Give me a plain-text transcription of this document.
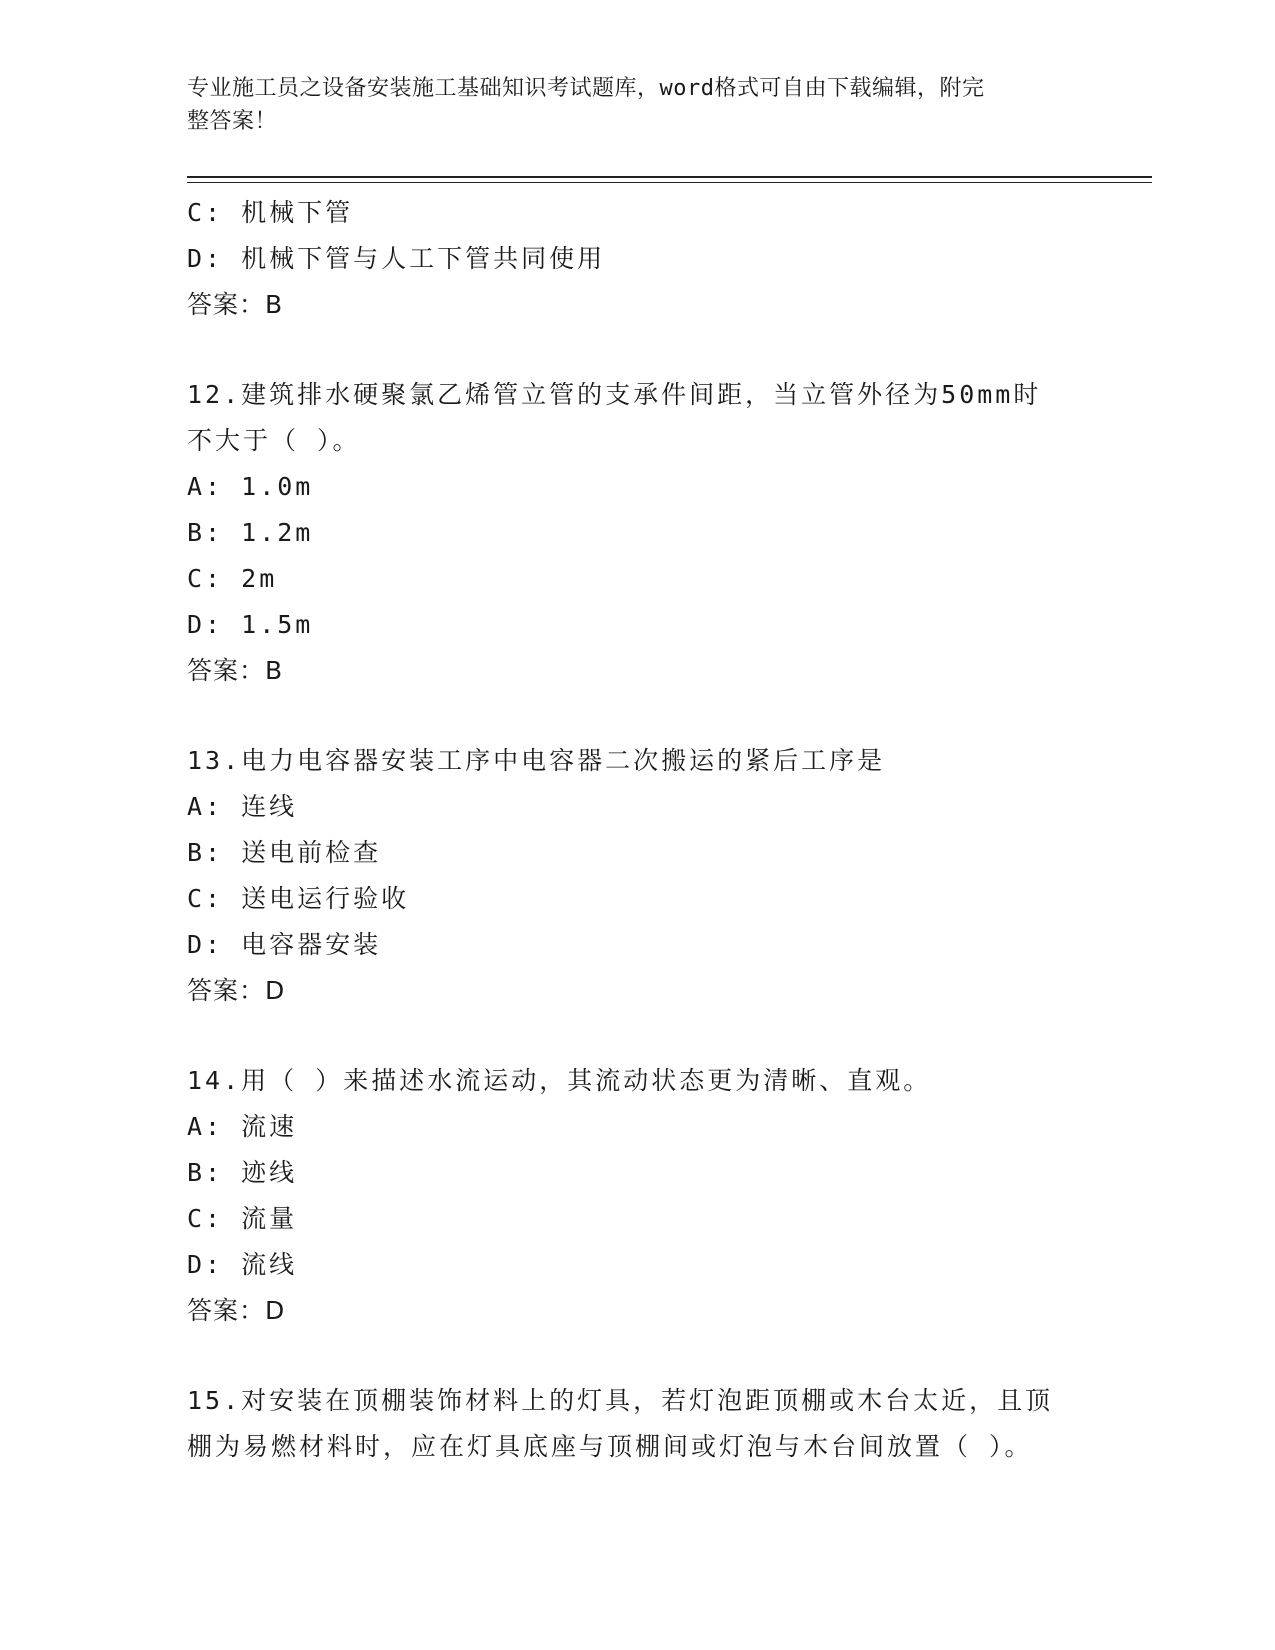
专业施工员之设备安装施工基础知识考试题库，word格式可自由下载编辑，附完
整答案！
C: 机械下管
D: 机械下管与人工下管共同使用
答案：B
12.建筑排水硬聚氯乙烯管立管的支承件间距，当立管外径为50mm时
不大于（ ）。
A: 1.0m
B: 1.2m
C: 2m
D: 1.5m
答案：B
13.电力电容器安装工序中电容器二次搬运的紧后工序是
A: 连线
B: 送电前检查
C: 送电运行验收
D: 电容器安装
答案：D
14.用（ ）来描述水流运动，其流动状态更为清晰、直观。
A: 流速
B: 迹线
C: 流量
D: 流线
答案：D
15.对安装在顶棚装饰材料上的灯具，若灯泡距顶棚或木台太近，且顶
棚为易燃材料时，应在灯具底座与顶棚间或灯泡与木台间放置（ ）。
